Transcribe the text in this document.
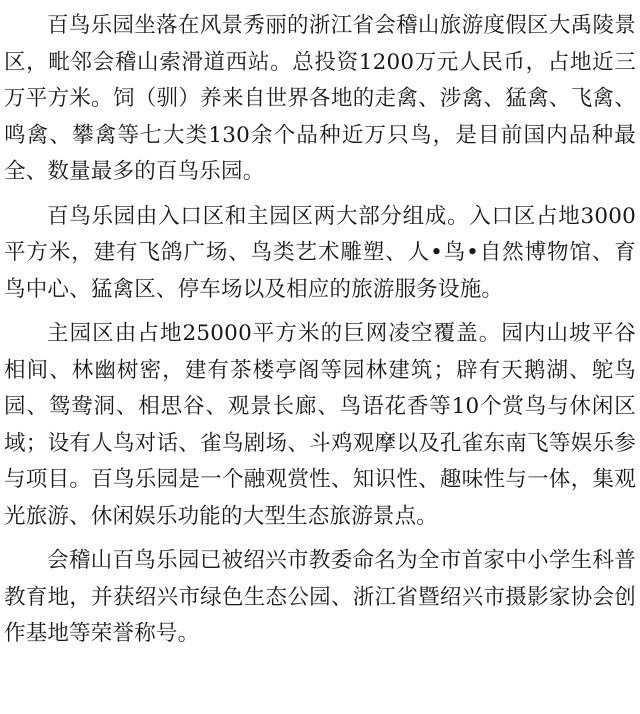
百鸟乐园坐落在风景秀丽的浙江省会稽山旅游度假区大禹陵景区，毗邻会稽山索滑道西站。总投资1200万元人民币，占地近三万平方米。饲（驯）养来自世界各地的走禽、涉禽、猛禽、飞禽、鸣禽、攀禽等七大类130余个品种近万只鸟，是目前国内品种最全、数量最多的百鸟乐园。

百鸟乐园由入口区和主园区两大部分组成。入口区占地3000平方米，建有飞鸽广场、鸟类艺术雕塑、人•鸟•自然博物馆、育鸟中心、猛禽区、停车场以及相应的旅游服务设施。

主园区由占地25000平方米的巨网凌空覆盖。园内山坡平谷相间、林幽树密，建有茶楼亭阁等园林建筑；辟有天鹅湖、鸵鸟园、鸳鸯洞、相思谷、观景长廊、鸟语花香等10个赏鸟与休闲区域；设有人鸟对话、雀鸟剧场、斗鸡观摩以及孔雀东南飞等娱乐参与项目。百鸟乐园是一个融观赏性、知识性、趣味性与一体，集观光旅游、休闲娱乐功能的大型生态旅游景点。

会稽山百鸟乐园已被绍兴市教委命名为全市首家中小学生科普教育地，并获绍兴市绿色生态公园、浙江省暨绍兴市摄影家协会创作基地等荣誉称号。
